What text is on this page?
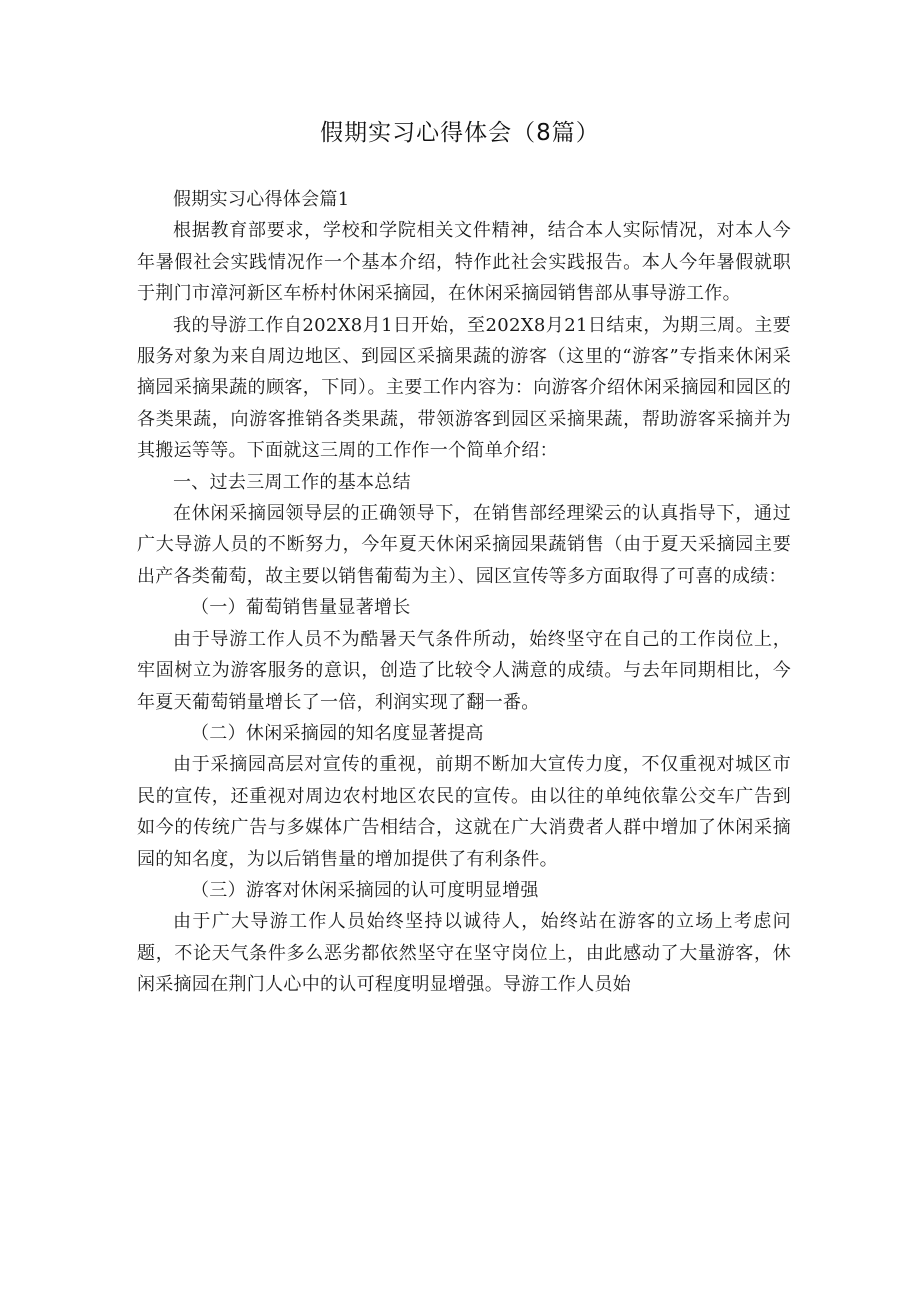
假期实习心得体会（8篇）

假期实习心得体会篇1

根据教育部要求，学校和学院相关文件精神，结合本人实际情况，对本人今年暑假社会实践情况作一个基本介绍，特作此社会实践报告。本人今年暑假就职于荆门市漳河新区车桥村休闲采摘园，在休闲采摘园销售部从事导游工作。

我的导游工作自202X8月1日开始，至202X8月21日结束，为期三周。主要服务对象为来自周边地区、到园区采摘果蔬的游客（这里的“游客”专指来休闲采摘园采摘果蔬的顾客，下同）。主要工作内容为：向游客介绍休闲采摘园和园区的各类果蔬，向游客推销各类果蔬，带领游客到园区采摘果蔬，帮助游客采摘并为其搬运等等。下面就这三周的工作作一个简单介绍：

一、过去三周工作的基本总结

在休闲采摘园领导层的正确领导下，在销售部经理梁云的认真指导下，通过广大导游人员的不断努力，今年夏天休闲采摘园果蔬销售（由于夏天采摘园主要出产各类葡萄，故主要以销售葡萄为主）、园区宣传等多方面取得了可喜的成绩：

（一）葡萄销售量显著增长

由于导游工作人员不为酷暑天气条件所动，始终坚守在自己的工作岗位上，牢固树立为游客服务的意识，创造了比较令人满意的成绩。与去年同期相比，今年夏天葡萄销量增长了一倍，利润实现了翻一番。

（二）休闲采摘园的知名度显著提高

由于采摘园高层对宣传的重视，前期不断加大宣传力度，不仅重视对城区市民的宣传，还重视对周边农村地区农民的宣传。由以往的单纯依靠公交车广告到如今的传统广告与多媒体广告相结合，这就在广大消费者人群中增加了休闲采摘园的知名度，为以后销售量的增加提供了有利条件。

（三）游客对休闲采摘园的认可度明显增强

由于广大导游工作人员始终坚持以诚待人，始终站在游客的立场上考虑问题，不论天气条件多么恶劣都依然坚守在坚守岗位上，由此感动了大量游客，休闲采摘园在荆门人心中的认可程度明显增强。导游工作人员始
